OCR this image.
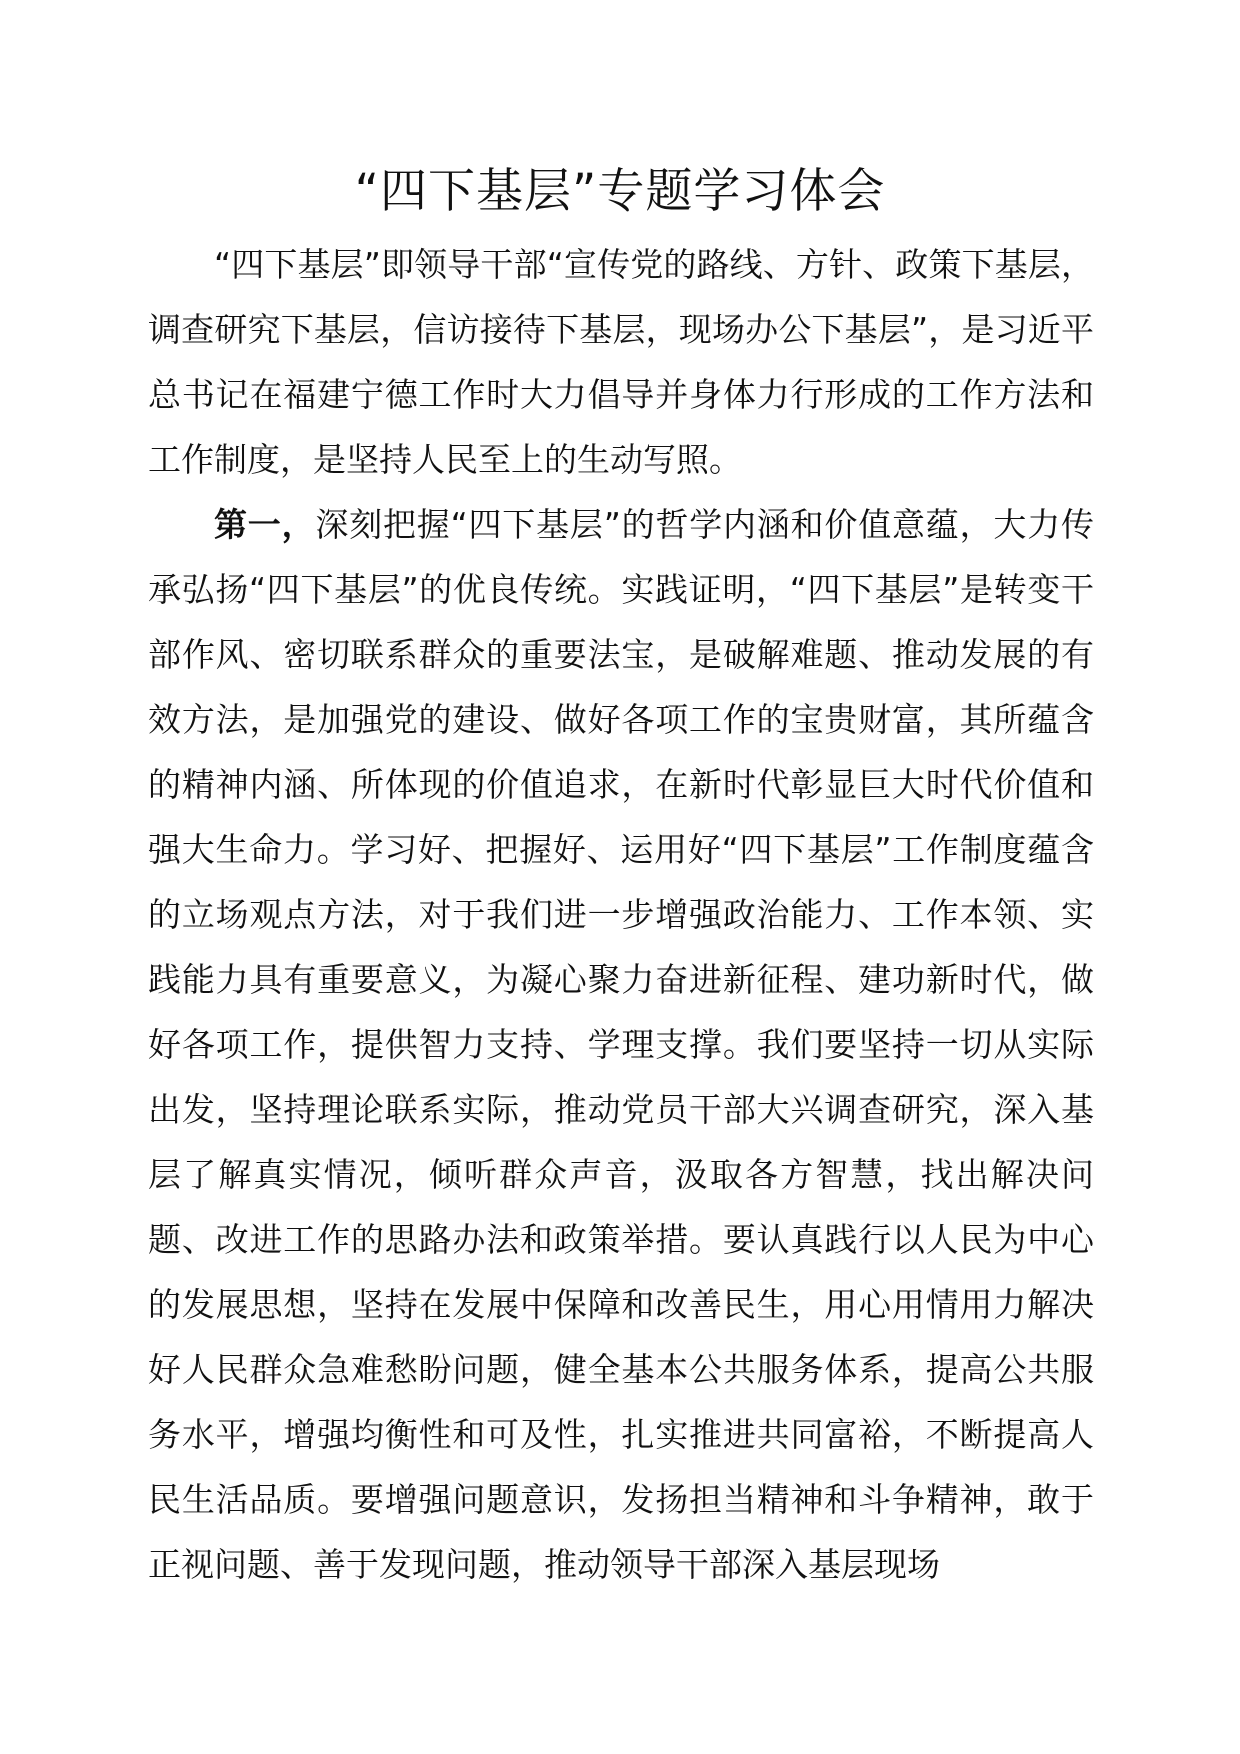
“四下基层”专题学习体会

“四下基层”即领导干部“宣传党的路线、方针、政策下基层，调查研究下基层，信访接待下基层，现场办公下基层”，是习近平总书记在福建宁德工作时大力倡导并身体力行形成的工作方法和工作制度，是坚持人民至上的生动写照。

第一，深刻把握“四下基层”的哲学内涵和价值意蕴，大力传承弘扬“四下基层”的优良传统。实践证明，“四下基层”是转变干部作风、密切联系群众的重要法宝，是破解难题、推动发展的有效方法，是加强党的建设、做好各项工作的宝贵财富，其所蕴含的精神内涵、所体现的价值追求，在新时代彰显巨大时代价值和强大生命力。学习好、把握好、运用好“四下基层”工作制度蕴含的立场观点方法，对于我们进一步增强政治能力、工作本领、实践能力具有重要意义，为凝心聚力奋进新征程、建功新时代，做好各项工作，提供智力支持、学理支撑。我们要坚持一切从实际出发，坚持理论联系实际，推动党员干部大兴调查研究，深入基层了解真实情况，倾听群众声音，汲取各方智慧，找出解决问题、改进工作的思路办法和政策举措。要认真践行以人民为中心的发展思想，坚持在发展中保障和改善民生，用心用情用力解决好人民群众急难愁盼问题，健全基本公共服务体系，提高公共服务水平，增强均衡性和可及性，扎实推进共同富裕，不断提高人民生活品质。要增强问题意识，发扬担当精神和斗争精神，敢于正视问题、善于发现问题，推动领导干部深入基层现场
